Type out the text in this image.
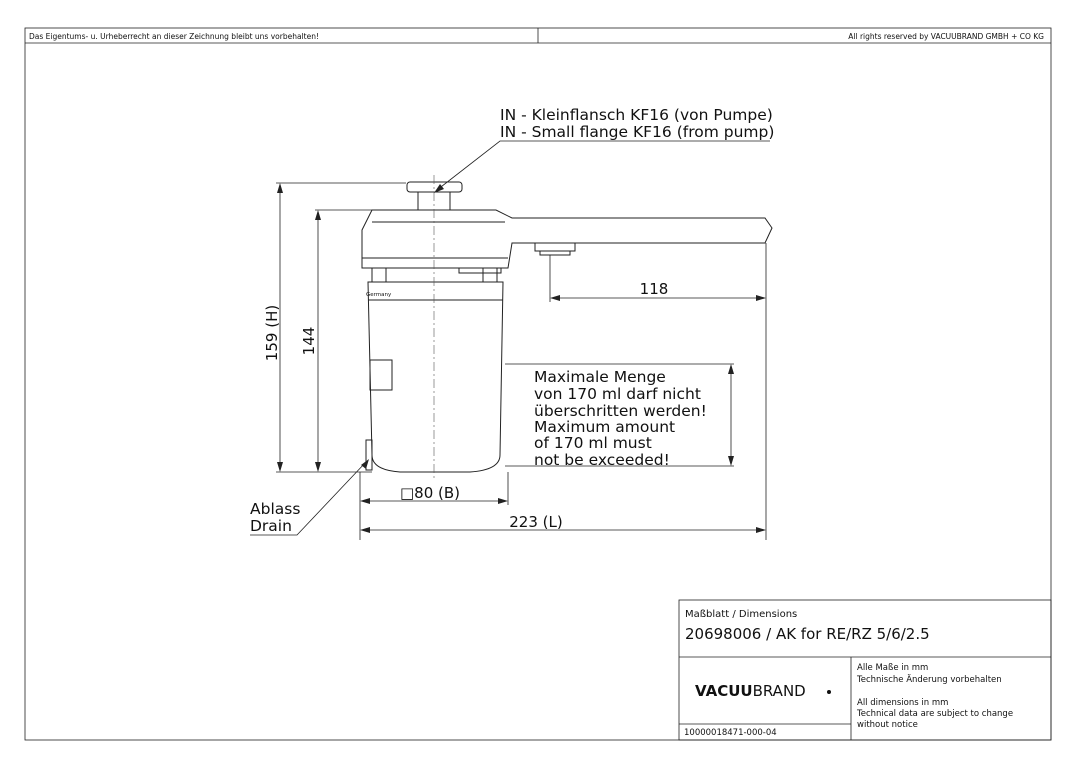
Das Eigentums- u. Urheberrecht an dieser Zeichnung bleibt uns vorbehalten!	All rights reserved by VACUUBRAND GMBH + CO KG
Germany
159 (H) 144
118
□80 (B)
223 (L)
IN - Kleinflansch KF16 (von Pumpe)
IN - Small flange KF16 (from pump)
Maximale Menge
von 170 ml darf nicht
überschritten werden!
Maximum amount
of 170 ml must
not be exceeded!
Ablass
Drain
Maßblatt / Dimensions
20698006 / AK for RE/RZ 5/6/2.5
VACUUBRAND
Alle Maße in mm
Technische Änderung vorbehalten
All dimensions in mm
Technical data are subject to change
without notice
10000018471-000-04
